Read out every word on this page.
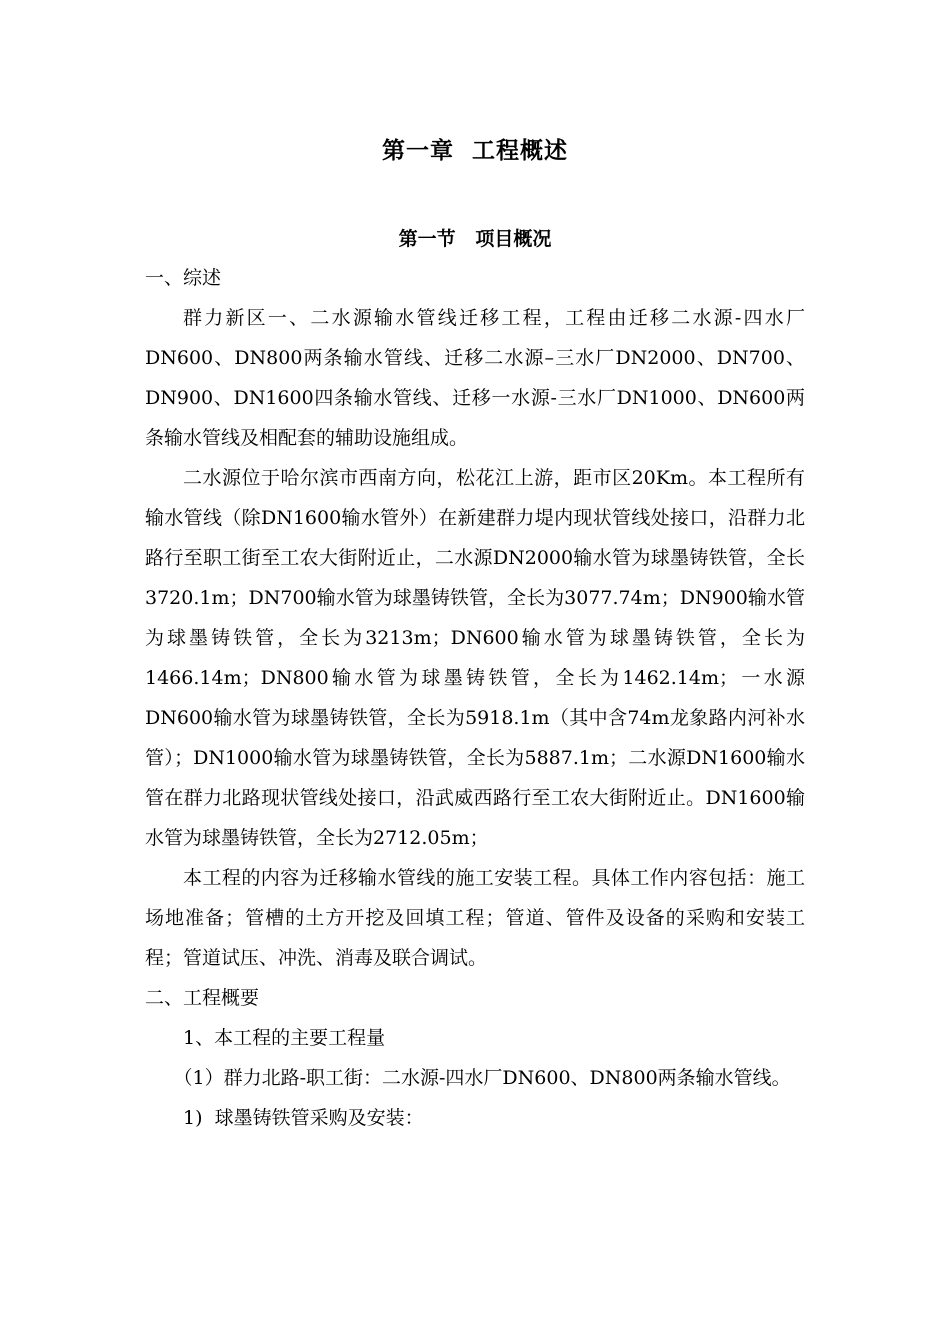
第一章  工程概述
第一节   项目概况

一、综述

群力新区一、二水源输水管线迁移工程，工程由迁移二水源-四水厂DN600、DN800两条输水管线、迁移二水源–三水厂DN2000、DN700、DN900、DN1600四条输水管线、迁移一水源-三水厂DN1000、DN600两条输水管线及相配套的辅助设施组成。

二水源位于哈尔滨市西南方向，松花江上游，距市区20Km。本工程所有输水管线（除DN1600输水管外）在新建群力堤内现状管线处接口，沿群力北路行至职工街至工农大街附近止，二水源DN2000输水管为球墨铸铁管，全长3720.1m；DN700输水管为球墨铸铁管，全长为3077.74m；DN900输水管为球墨铸铁管，全长为3213m；DN600输水管为球墨铸铁管，全长为1466.14m；DN800输水管为球墨铸铁管，全长为1462.14m；一水源DN600输水管为球墨铸铁管，全长为5918.1m（其中含74m龙象路内河补水管）；DN1000输水管为球墨铸铁管，全长为5887.1m；二水源DN1600输水管在群力北路现状管线处接口，沿武威西路行至工农大街附近止。DN1600输水管为球墨铸铁管，全长为2712.05m；

本工程的内容为迁移输水管线的施工安装工程。具体工作内容包括：施工场地准备；管槽的土方开挖及回填工程；管道、管件及设备的采购和安装工程；管道试压、冲洗、消毒及联合调试。

二、工程概要

1、本工程的主要工程量

（1）群力北路-职工街：二水源-四水厂DN600、DN800两条输水管线。

1)  球墨铸铁管采购及安装：
